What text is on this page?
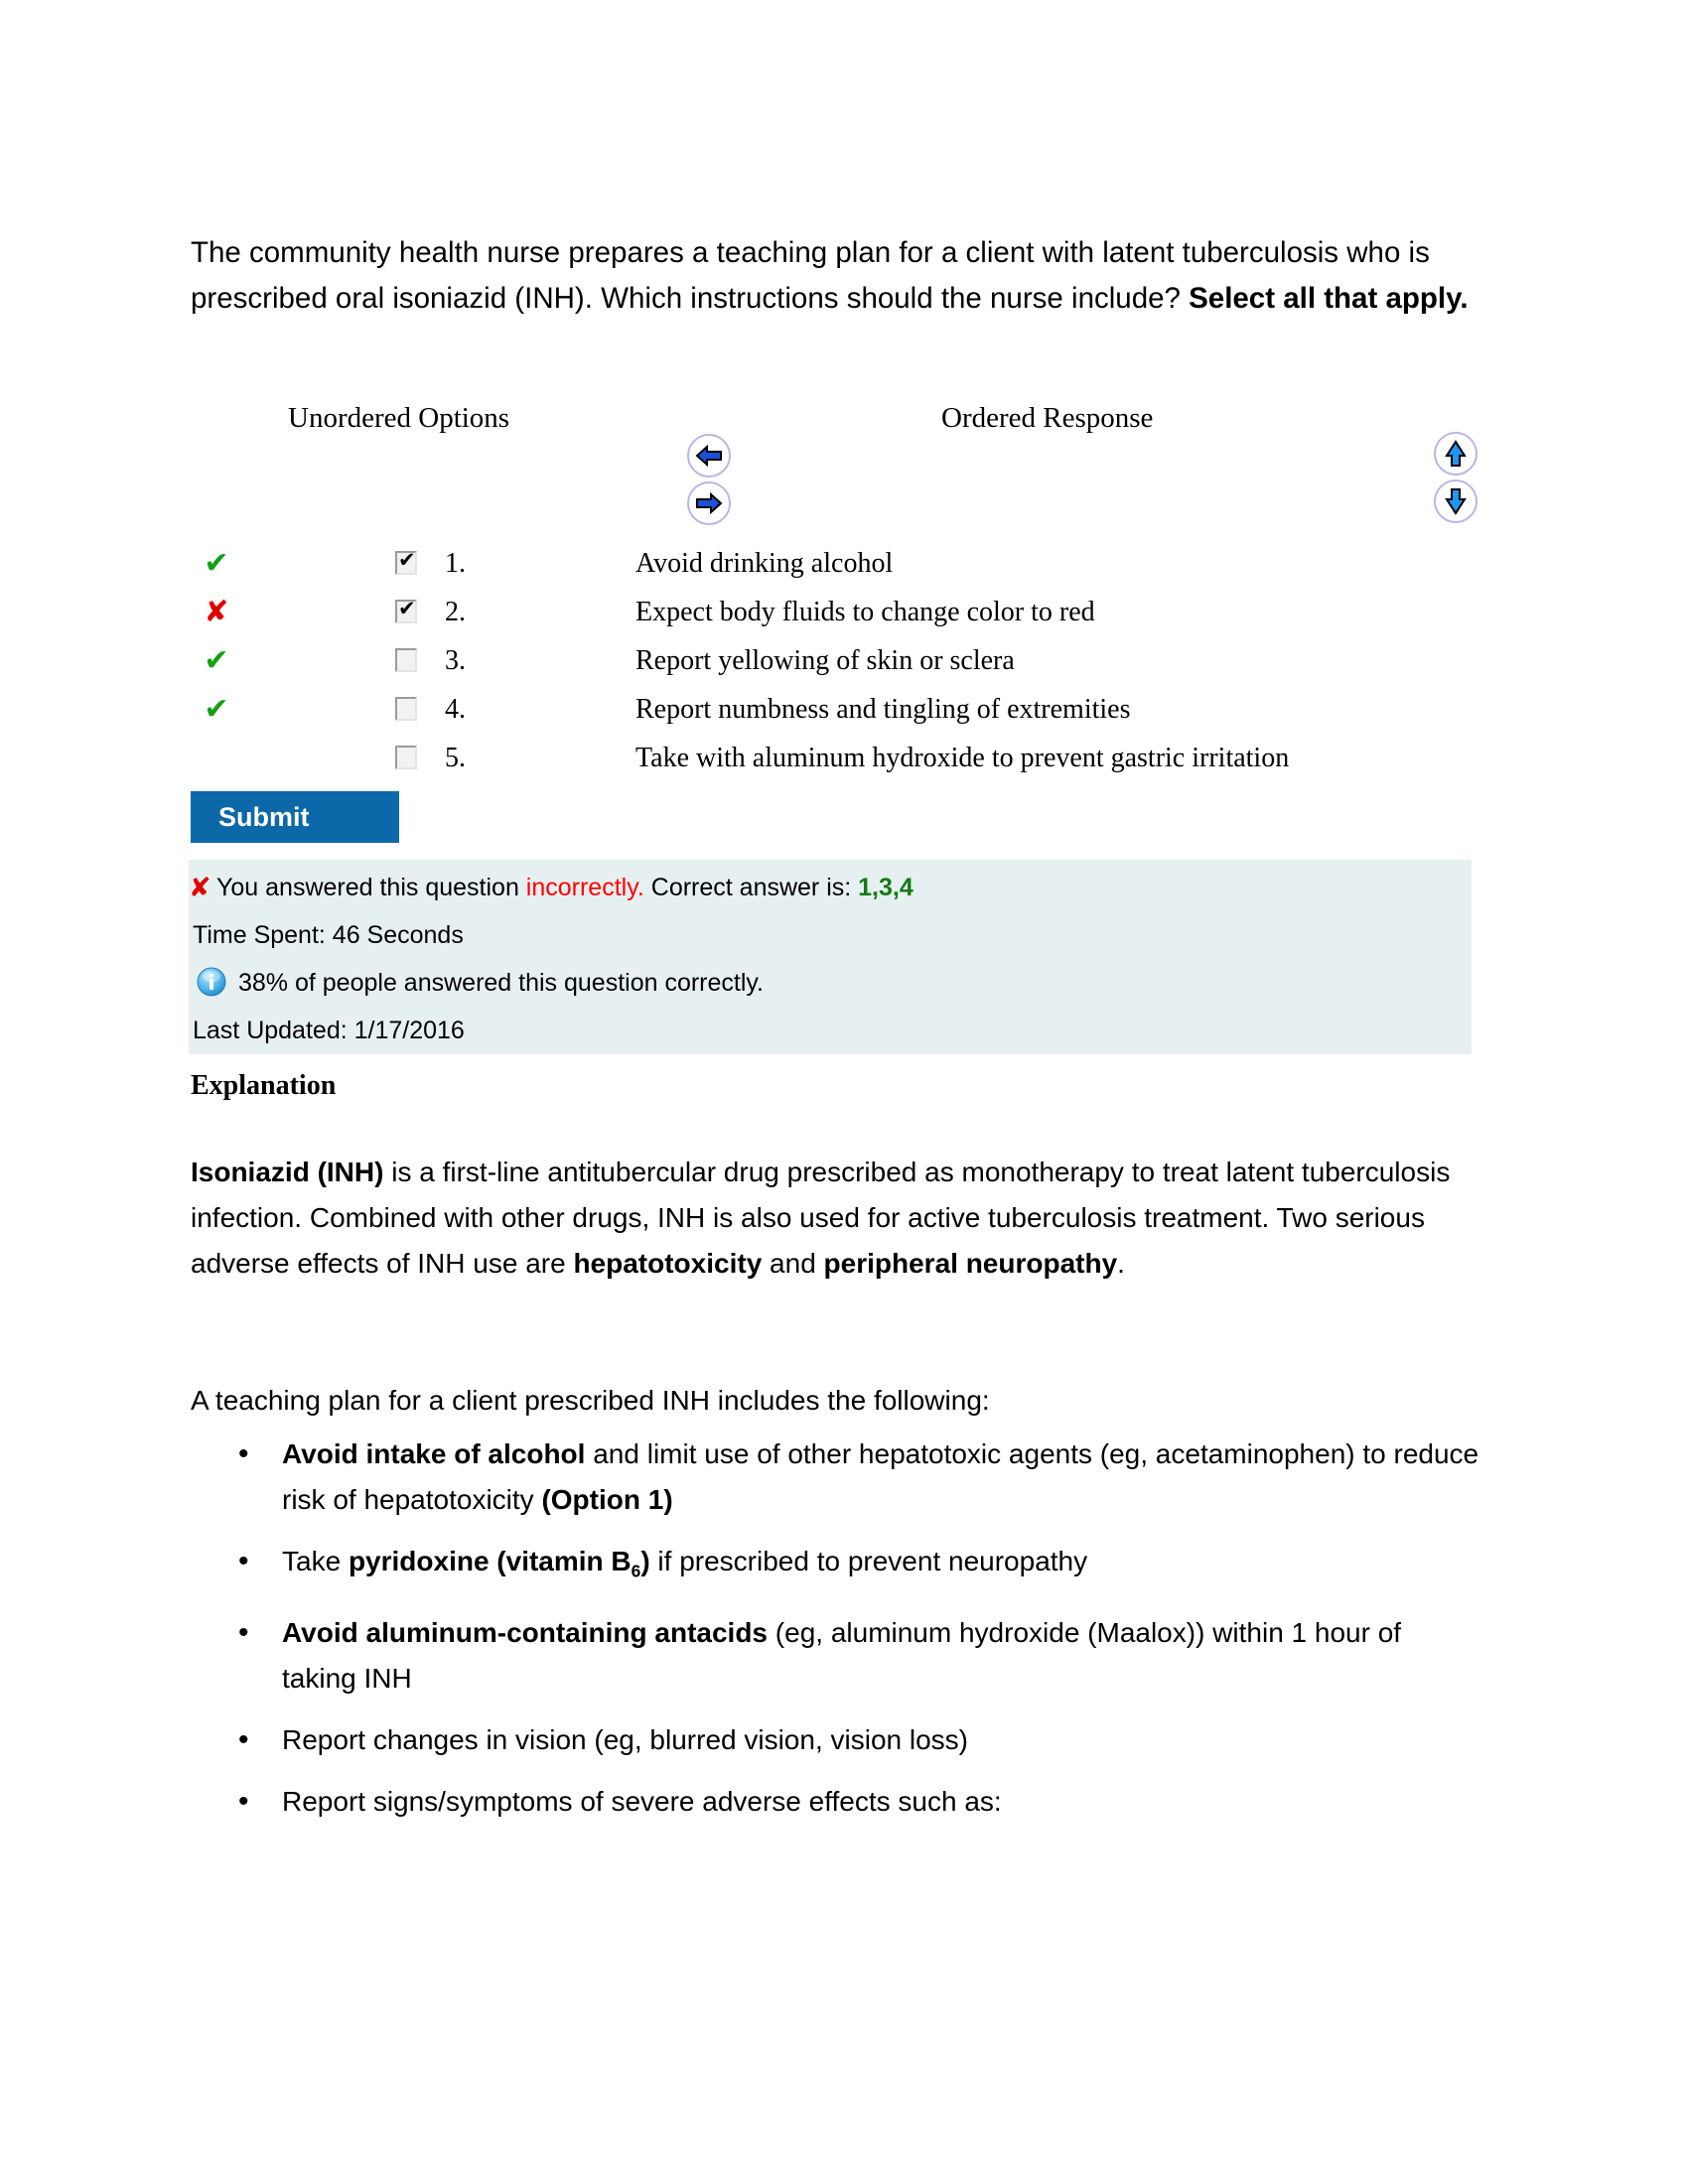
The community health nurse prepares a teaching plan for a client with latent tuberculosis who is prescribed oral isoniazid (INH). Which instructions should the nurse include? Select all that apply.
Unordered Options	Ordered Response
✔	✔ 1.	Avoid drinking alcohol
✘	✔ 2.	Expect body fluids to change color to red
✔	3.	Report yellowing of skin or sclera
✔	4.	Report numbness and tingling of extremities
5.	Take with aluminum hydroxide to prevent gastric irritation
Submit
✘ You answered this question incorrectly. Correct answer is: 1,3,4
Time Spent: 46 Seconds
38% of people answered this question correctly.
Last Updated: 1/17/2016
Explanation
Isoniazid (INH) is a first-line antitubercular drug prescribed as monotherapy to treat latent tuberculosis infection. Combined with other drugs, INH is also used for active tuberculosis treatment. Two serious adverse effects of INH use are hepatotoxicity and peripheral neuropathy.
A teaching plan for a client prescribed INH includes the following:
• Avoid intake of alcohol and limit use of other hepatotoxic agents (eg, acetaminophen) to reduce risk of hepatotoxicity (Option 1)
• Take pyridoxine (vitamin $B_6$) if prescribed to prevent neuropathy
• Avoid aluminum-containing antacids (eg, aluminum hydroxide (Maalox)) within 1 hour of taking INH
• Report changes in vision (eg, blurred vision, vision loss)
• Report signs/symptoms of severe adverse effects such as:
